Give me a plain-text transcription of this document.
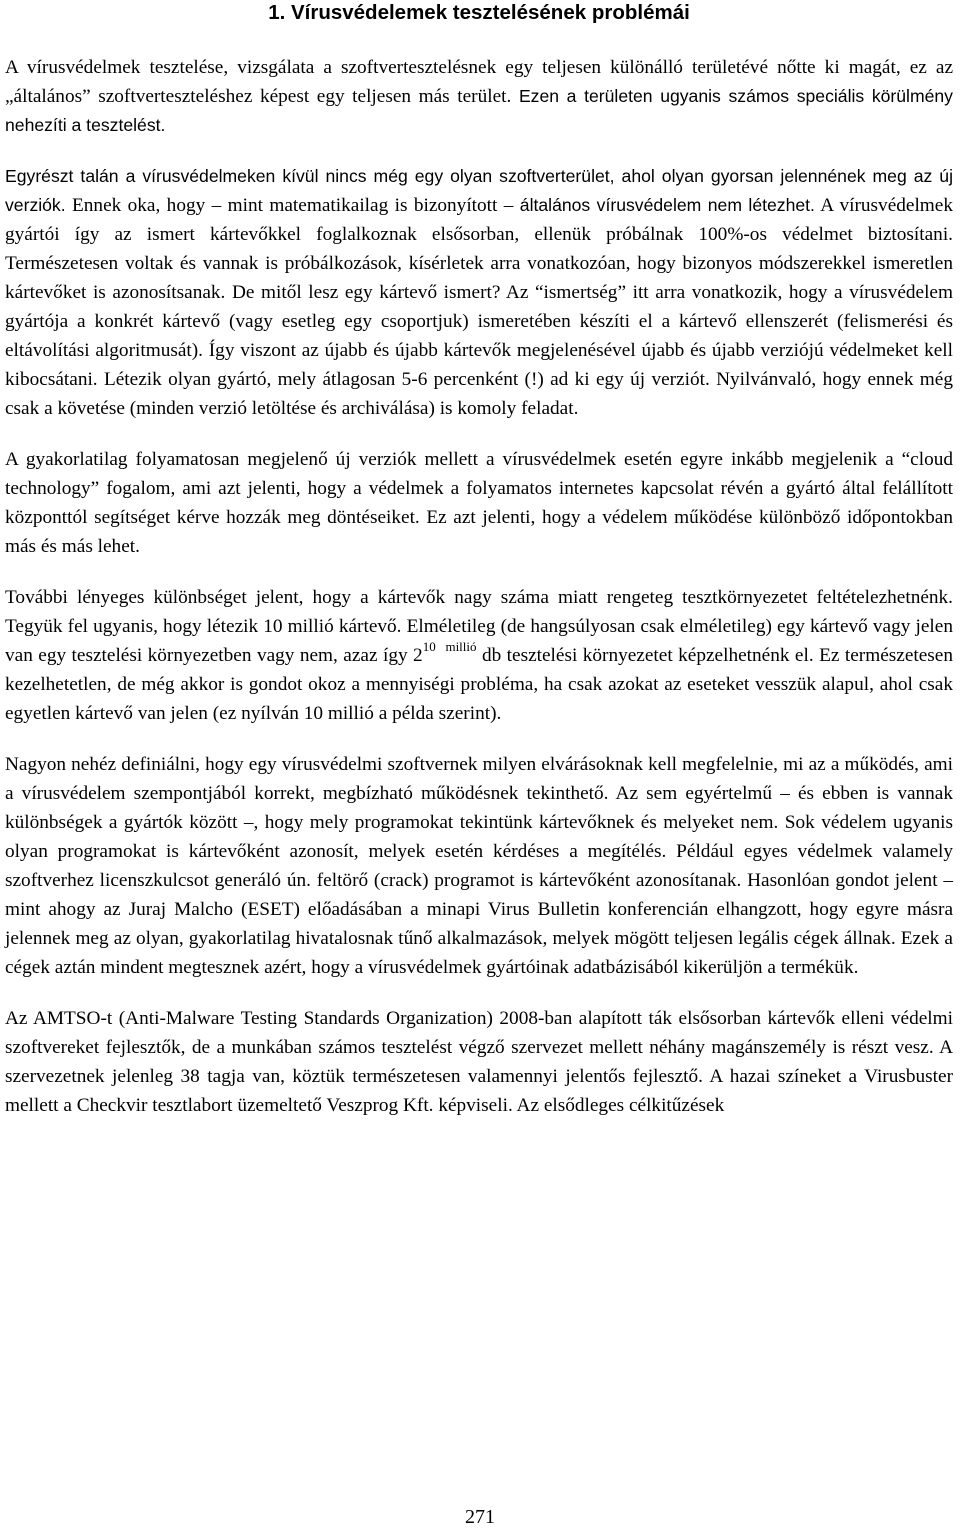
1. Vírusvédelemek tesztelésének problémái

A vírusvédelmek tesztelése, vizsgálata a szoftvertesztelésnek egy teljesen különálló területévé nőtte ki magát, ez az „általános” szoftverteszteléshez képest egy teljesen más terület. Ezen a területen ugyanis számos speciális körülmény nehezíti a tesztelést.

Egyrészt talán a vírusvédelmeken kívül nincs még egy olyan szoftverterület, ahol olyan gyorsan jelennének meg az új verziók. Ennek oka, hogy – mint matematikailag is bizonyított – általános vírusvédelem nem létezhet. A vírusvédelmek gyártói így az ismert kártevőkkel foglalkoznak elsősorban, ellenük próbálnak 100%-os védelmet biztosítani. Természetesen voltak és vannak is próbálkozások, kísérletek arra vonatkozóan, hogy bizonyos módszerekkel ismeretlen kártevőket is azonosítsanak. De mitől lesz egy kártevő ismert? Az “ismertség” itt arra vonatkozik, hogy a vírusvédelem gyártója a konkrét kártevő (vagy esetleg egy csoportjuk) ismeretében készíti el a kártevő ellenszerét (felismerési és eltávolítási algoritmusát). Így viszont az újabb és újabb kártevők megjelenésével újabb és újabb verziójú védelmeket kell kibocsátani. Létezik olyan gyártó, mely átlagosan 5-6 percenként (!) ad ki egy új verziót. Nyilvánvaló, hogy ennek még csak a követése (minden verzió letöltése és archiválása) is komoly feladat.

A gyakorlatilag folyamatosan megjelenő új verziók mellett a vírusvédelmek esetén egyre inkább megjelenik a “cloud technology” fogalom, ami azt jelenti, hogy a védelmek a folyamatos internetes kapcsolat révén a gyártó által felállított központtól segítséget kérve hozzák meg döntéseiket. Ez azt jelenti, hogy a védelem működése különböző időpontokban más és más lehet.

További lényeges különbséget jelent, hogy a kártevők nagy száma miatt rengeteg tesztkörnyezetet feltételezhetnénk. Tegyük fel ugyanis, hogy létezik 10 millió kártevő. Elméletileg (de hangsúlyosan csak elméletileg) egy kártevő vagy jelen van egy tesztelési környezetben vagy nem, azaz így 210 millió db tesztelési környezetet képzelhetnénk el. Ez természetesen kezelhetetlen, de még akkor is gondot okoz a mennyiségi probléma, ha csak azokat az eseteket vesszük alapul, ahol csak egyetlen kártevő van jelen (ez nyílván 10 millió a példa szerint).

Nagyon nehéz definiálni, hogy egy vírusvédelmi szoftvernek milyen elvárásoknak kell megfelelnie, mi az a működés, ami a vírusvédelem szempontjából korrekt, megbízható működésnek tekinthető. Az sem egyértelmű – és ebben is vannak különbségek a gyártók között –, hogy mely programokat tekintünk kártevőknek és melyeket nem. Sok védelem ugyanis olyan programokat is kártevőként azonosít, melyek esetén kérdéses a megítélés. Például egyes védelmek valamely szoftverhez licenszkulcsot generáló ún. feltörő (crack) programot is kártevőként azonosítanak. Hasonlóan gondot jelent – mint ahogy az Juraj Malcho (ESET) előadásában a minapi Virus Bulletin konferencián elhangzott, hogy egyre másra jelennek meg az olyan, gyakorlatilag hivatalosnak tűnő alkalmazások, melyek mögött teljesen legális cégek állnak. Ezek a cégek aztán mindent megtesznek azért, hogy a vírusvédelmek gyártóinak adatbázisából kikerüljön a termékük.

Az AMTSO-t (Anti-Malware Testing Standards Organization) 2008-ban alapított ták elsősorban kártevők elleni védelmi szoftvereket fejlesztők, de a munkában számos tesztelést végző szervezet mellett néhány magánszemély is részt vesz. A szervezetnek jelenleg 38 tagja van, köztük természetesen valamennyi jelentős fejlesztő. A hazai színeket a Virusbuster mellett a Checkvir tesztlabort üzemeltető Veszprog Kft. képviseli. Az elsődleges célkitűzések

271
